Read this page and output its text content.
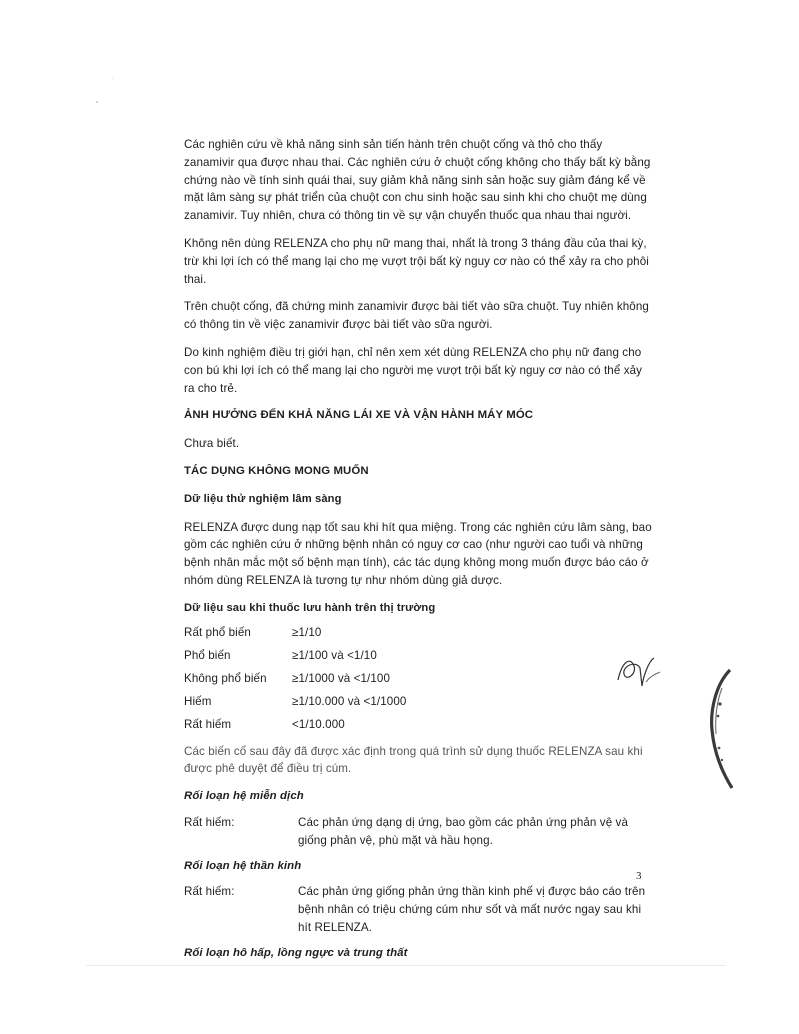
Các nghiên cứu về khả năng sinh sản tiến hành trên chuột cống và thỏ cho thấy zanamivir qua được nhau thai. Các nghiên cứu ở chuột cống không cho thấy bất kỳ bằng chứng nào về tính sinh quái thai, suy giảm khả năng sinh sản hoặc suy giảm đáng kể về mặt lâm sàng sự phát triển của chuột con chu sinh hoặc sau sinh khi cho chuột mẹ dùng zanamivir. Tuy nhiên, chưa có thông tin về sự vận chuyển thuốc qua nhau thai người.

Không nên dùng RELENZA cho phụ nữ mang thai, nhất là trong 3 tháng đầu của thai kỳ, trừ khi lợi ích có thể mang lại cho mẹ vượt trội bất kỳ nguy cơ nào có thể xảy ra cho phôi thai.

Trên chuột cống, đã chứng minh zanamivir được bài tiết vào sữa chuột. Tuy nhiên không có thông tin về việc zanamivir được bài tiết vào sữa người.

Do kinh nghiệm điều trị giới hạn, chỉ nên xem xét dùng RELENZA cho phụ nữ đang cho con bú khi lợi ích có thể mang lại cho người mẹ vượt trội bất kỳ nguy cơ nào có thể xảy ra cho trẻ.

ẢNH HƯỞNG ĐẾN KHẢ NĂNG LÁI XE VÀ VẬN HÀNH MÁY MÓC

Chưa biết.

TÁC DỤNG KHÔNG MONG MUỐN
Dữ liệu thử nghiệm lâm sàng

RELENZA được dung nạp tốt sau khi hít qua miệng. Trong các nghiên cứu lâm sàng, bao gồm các nghiên cứu ở những bệnh nhân có nguy cơ cao (như người cao tuổi và những bệnh nhân mắc một số bệnh mạn tính), các tác dụng không mong muốn được báo cáo ở nhóm dùng RELENZA là tương tự như nhóm dùng giả dược.

Dữ liệu sau khi thuốc lưu hành trên thị trường
Rất phổ biến	≥1/10
Phổ biến	≥1/100 và <1/10
Không phổ biến	≥1/1000 và <1/100
Hiếm	≥1/10.000 và <1/1000
Rất hiếm	<1/10.000

Các biến cố sau đây đã được xác định trong quá trình sử dụng thuốc RELENZA sau khi được phê duyệt để điều trị cúm.

Rối loạn hệ miễn dịch
Rất hiếm:	Các phản ứng dạng dị ứng, bao gồm các phản ứng phản vệ và giống phản vệ, phù mặt và hầu họng.
Rối loạn hệ thần kinh
Rất hiếm:	Các phản ứng giống phản ứng thần kinh phế vị được báo cáo trên bệnh nhân có triệu chứng cúm như sốt và mất nước ngay sau khi hít RELENZA.
Rối loạn hô hấp, lồng ngực và trung thất
3
